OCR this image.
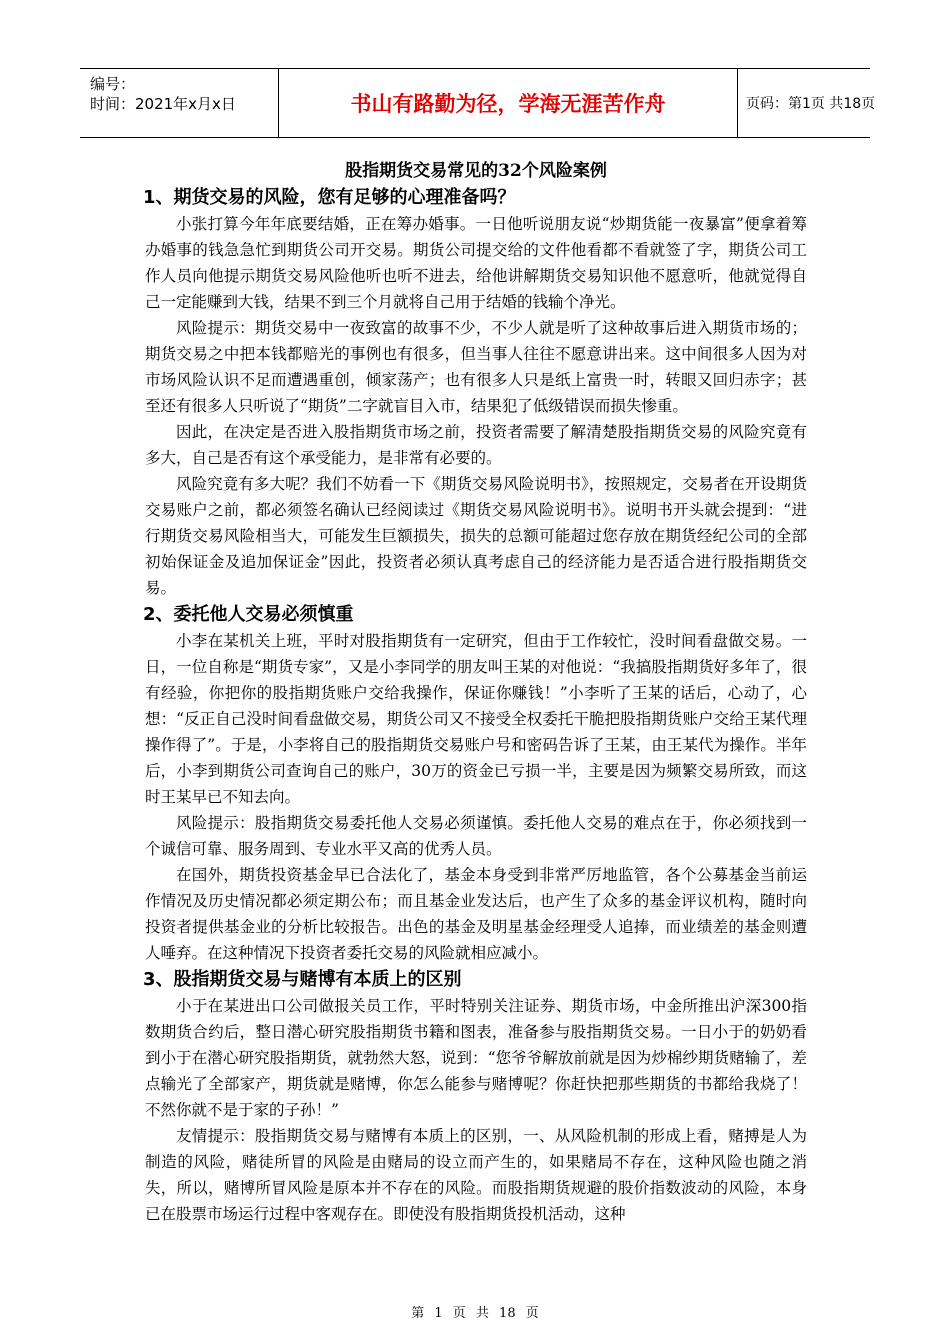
编号：
时间：2021年x月x日	书山有路勤为径，学海无涯苦作舟	页码：第1页 共18页
股指期货交易常见的32个风险案例
1、期货交易的风险，您有足够的心理准备吗？
小张打算今年年底要结婚，正在筹办婚事。一日他听说朋友说“炒期货能一夜暴富”便拿着筹办婚事的钱急急忙到期货公司开交易。期货公司提交给的文件他看都不看就签了字，期货公司工作人员向他提示期货交易风险他听也听不进去，给他讲解期货交易知识他不愿意听，他就觉得自己一定能赚到大钱，结果不到三个月就将自己用于结婚的钱输个净光。
风险提示：期货交易中一夜致富的故事不少，不少人就是听了这种故事后进入期货市场的；期货交易之中把本钱都赔光的事例也有很多，但当事人往往不愿意讲出来。这中间很多人因为对市场风险认识不足而遭遇重创，倾家荡产；也有很多人只是纸上富贵一时，转眼又回归赤字；甚至还有很多人只听说了“期货”二字就盲目入市，结果犯了低级错误而损失惨重。
因此，在决定是否进入股指期货市场之前，投资者需要了解清楚股指期货交易的风险究竟有多大，自己是否有这个承受能力，是非常有必要的。
风险究竟有多大呢？我们不妨看一下《期货交易风险说明书》，按照规定，交易者在开设期货交易账户之前，都必须签名确认已经阅读过《期货交易风险说明书》。说明书开头就会提到：“进行期货交易风险相当大，可能发生巨额损失，损失的总额可能超过您存放在期货经纪公司的全部初始保证金及追加保证金”因此，投资者必须认真考虑自己的经济能力是否适合进行股指期货交易。
2、委托他人交易必须慎重
小李在某机关上班，平时对股指期货有一定研究，但由于工作较忙，没时间看盘做交易。一日，一位自称是“期货专家”，又是小李同学的朋友叫王某的对他说：“我搞股指期货好多年了，很有经验，你把你的股指期货账户交给我操作，保证你赚钱！”小李听了王某的话后，心动了，心想：“反正自己没时间看盘做交易，期货公司又不接受全权委托干脆把股指期货账户交给王某代理操作得了”。于是，小李将自己的股指期货交易账户号和密码告诉了王某，由王某代为操作。半年后，小李到期货公司查询自己的账户，30万的资金已亏损一半，主要是因为频繁交易所致，而这时王某早已不知去向。
风险提示：股指期货交易委托他人交易必须谨慎。委托他人交易的难点在于，你必须找到一个诚信可靠、服务周到、专业水平又高的优秀人员。
在国外，期货投资基金早已合法化了，基金本身受到非常严厉地监管，各个公募基金当前运作情况及历史情况都必须定期公布；而且基金业发达后，也产生了众多的基金评议机构，随时向投资者提供基金业的分析比较报告。出色的基金及明星基金经理受人追捧，而业绩差的基金则遭人唾弃。在这种情况下投资者委托交易的风险就相应减小。
3、股指期货交易与赌博有本质上的区别
小于在某进出口公司做报关员工作，平时特别关注证券、期货市场，中金所推出沪深300指数期货合约后，整日潜心研究股指期货书籍和图表，准备参与股指期货交易。一日小于的奶奶看到小于在潜心研究股指期货，就勃然大怒，说到：“您爷爷解放前就是因为炒棉纱期货赌输了，差点输光了全部家产，期货就是赌博，你怎么能参与赌博呢？你赶快把那些期货的书都给我烧了！不然你就不是于家的子孙！”
友情提示：股指期货交易与赌博有本质上的区别，一、从风险机制的形成上看，赌搏是人为制造的风险，赌徒所冒的风险是由赌局的设立而产生的，如果赌局不存在，这种风险也随之消失，所以，赌博所冒风险是原本并不存在的风险。而股指期货规避的股价指数波动的风险，本身已在股票市场运行过程中客观存在。即使没有股指期货投机活动，这种
第 1 页 共 18 页
